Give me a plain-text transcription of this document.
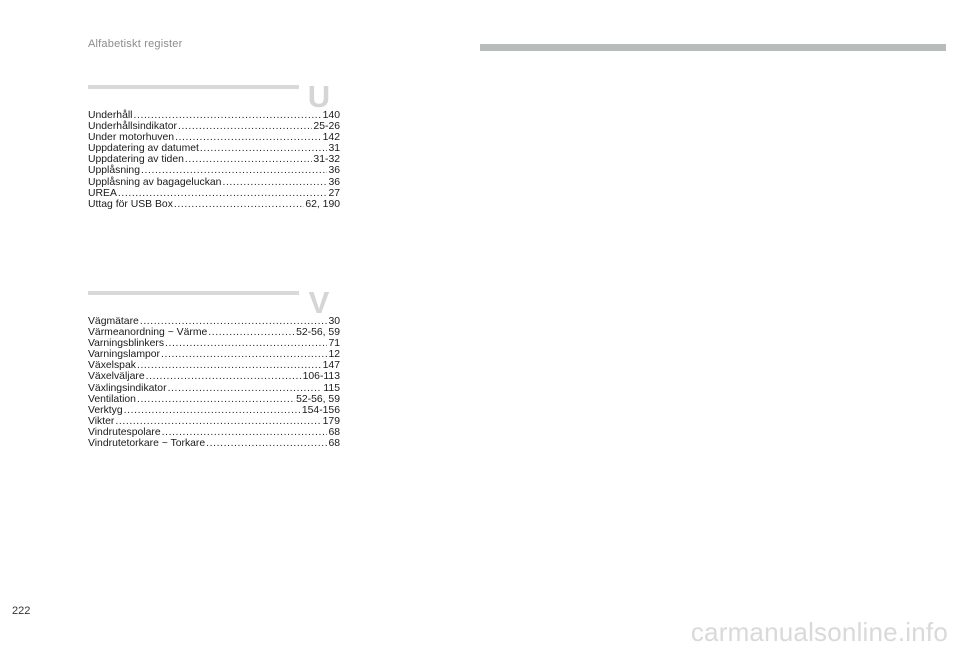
Alfabetiskt register
U
Underhåll .....	140
Underhållsindikator .....	25-26
Under motorhuven .....	142
Uppdatering av datumet .....	31
Uppdatering av tiden .....	31-32
Upplåsning .....	36
Upplåsning av bagageluckan .....	36
UREA .....	27
Uttag för USB Box .....	62, 190
V
Vägmätare .....	30
Värmeanordning ~ Värme .....	52-56, 59
Varningsblinkers .....	71
Varningslampor .....	12
Växelspak .....	147
Växelväljare .....	106-113
Växlingsindikator .....	115
Ventilation .....	52-56, 59
Verktyg .....	154-156
Vikter .....	179
Vindrutespolare .....	68
Vindrutetorkare ~ Torkare .....	68
222
carmanualsonline.info
